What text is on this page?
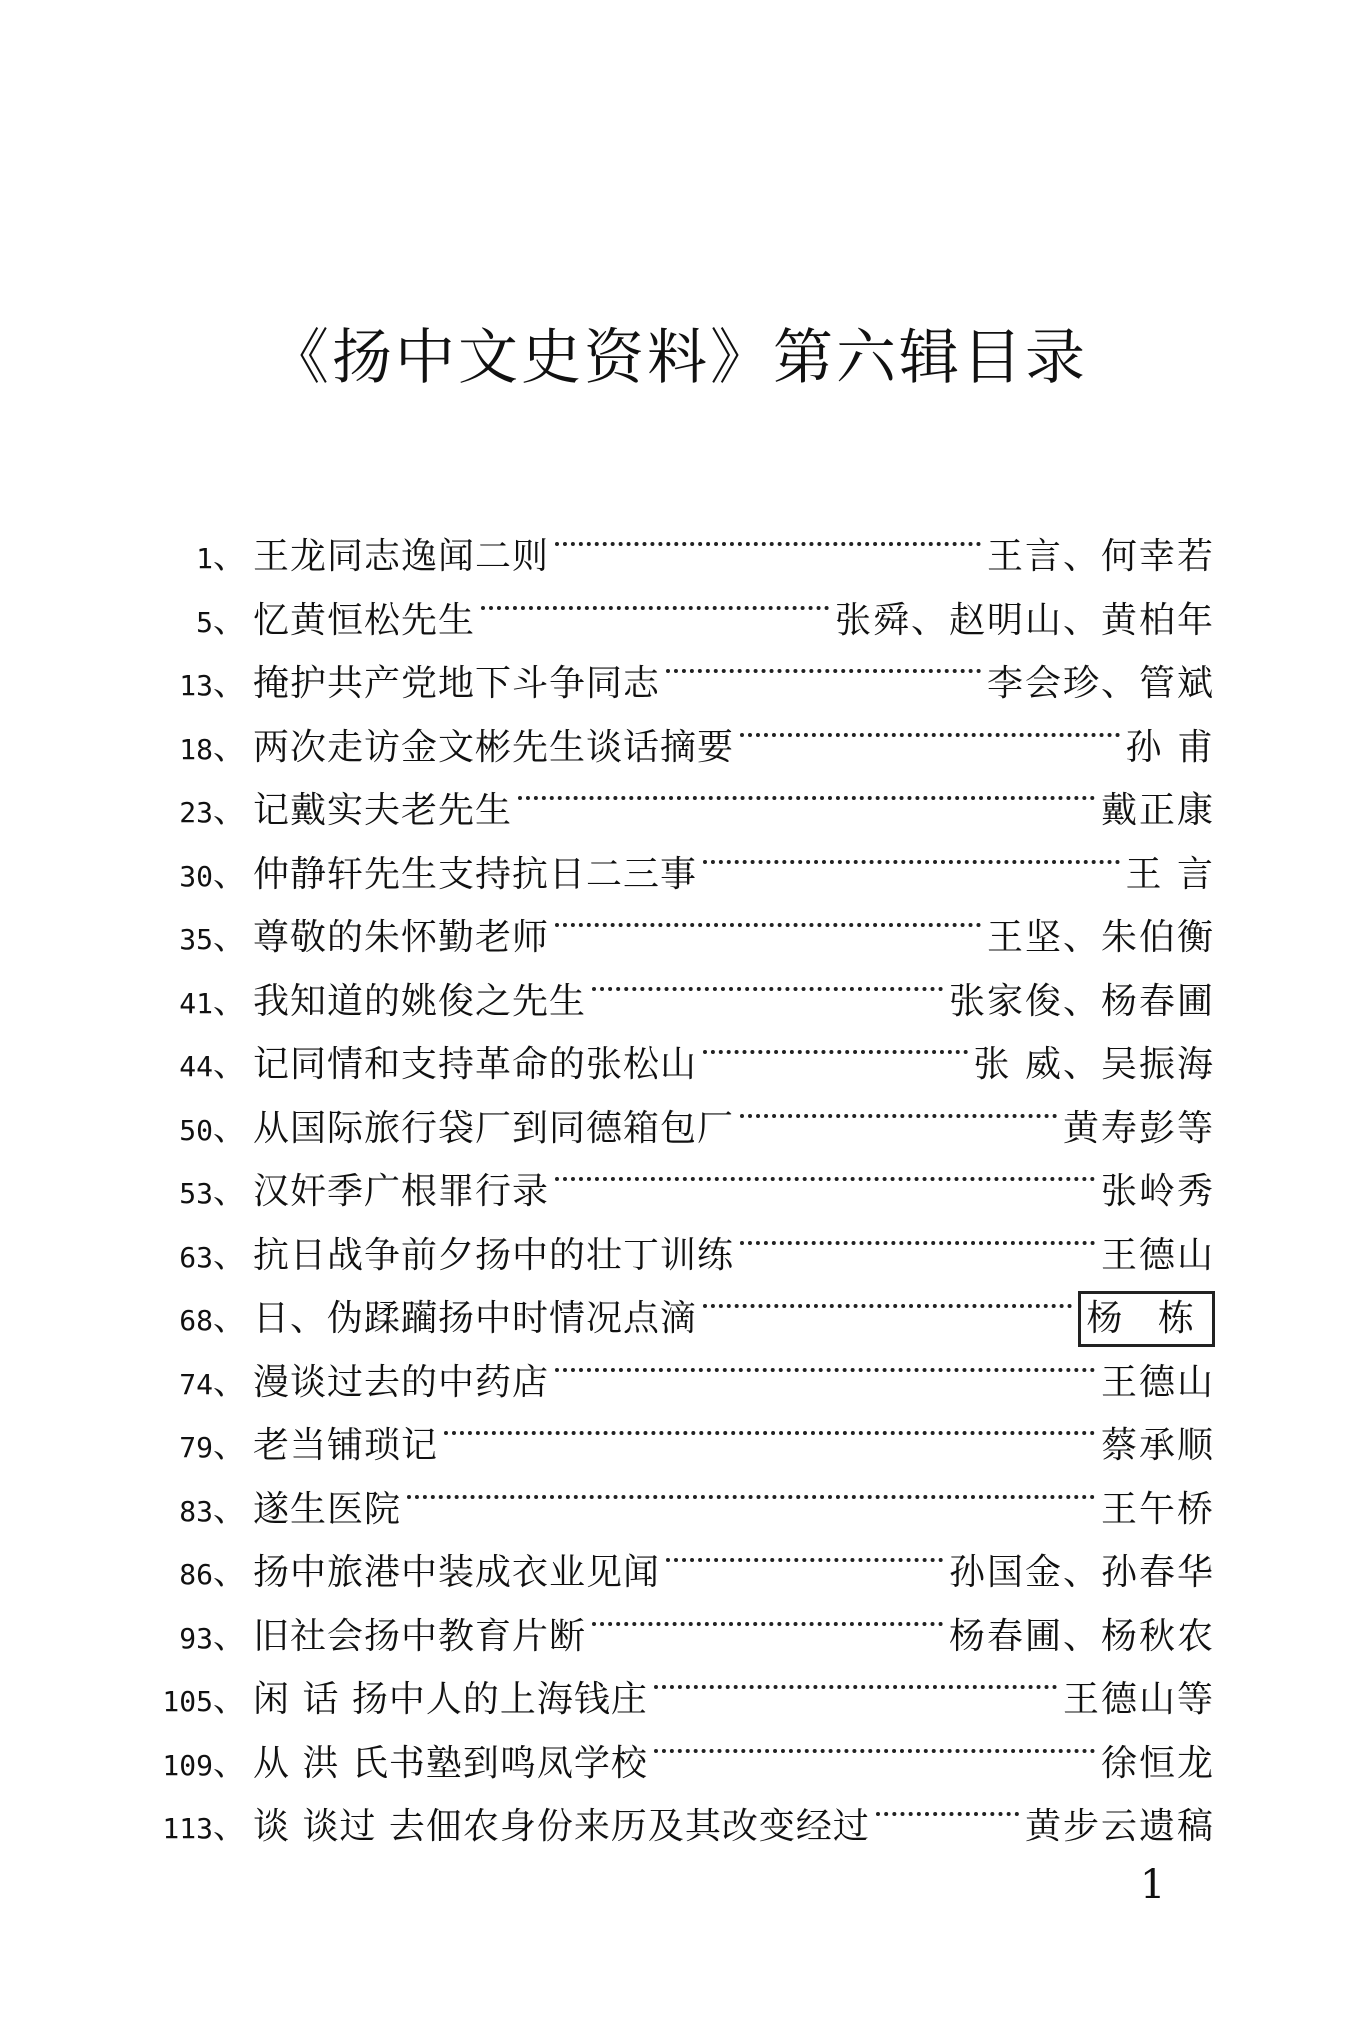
《扬中文史资料》第六辑目录
1 、 王龙同志逸闻二则	王言、何幸若
5 、 忆黄恒松先生	张舜、赵明山、黄柏年
13 、 掩护共产党地下斗争同志	李会珍、管斌
18 、 两次走访金文彬先生谈话摘要	孙 甫
23 、 记戴实夫老先生	戴正康
30 、 仲静轩先生支持抗日二三事	王 言
35 、 尊敬的朱怀勤老师	王坚、朱伯衡
41 、 我知道的姚俊之先生	张家俊、杨春圃
44 、 记同情和支持革命的张松山	张 威、吴振海
50 、 从国际旅行袋厂到同德箱包厂	黄寿彭等
53 、 汉奸季广根罪行录	张岭秀
63 、 抗日战争前夕扬中的壮丁训练	王德山
68 、 日、伪蹂躏扬中时情况点滴	杨 栋
74 、 漫谈过去的中药店	王德山
79 、 老当铺琐记	蔡承顺
83 、 遂生医院	王午桥
86 、 扬中旅港中装成衣业见闻	孙国金、孙春华
93 、 旧社会扬中教育片断	杨春圃、杨秋农
105 、 闲 话 扬中人的上海钱庄	王德山等
109 、 从 洪 氏书塾到鸣凤学校	徐恒龙
113 、 谈 谈过 去佃农身份来历及其改变经过	黄步云遗稿
1
